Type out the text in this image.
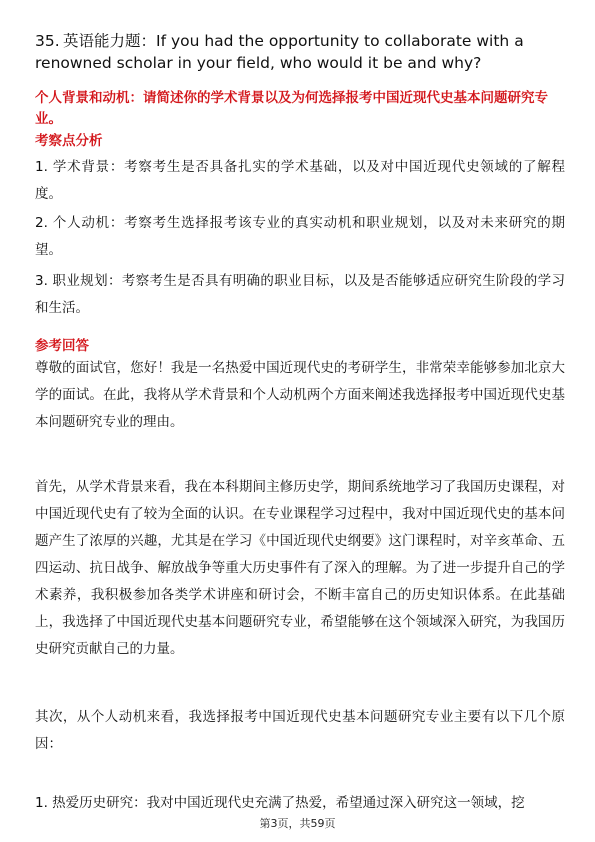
35. 英语能力题：If you had the opportunity to collaborate with a renowned scholar in your field, who would it be and why?
个人背景和动机：请简述你的学术背景以及为何选择报考中国近现代史基本问题研究专业。
考察点分析
1. 学术背景：考察考生是否具备扎实的学术基础，以及对中国近现代史领域的了解程度。
2. 个人动机：考察考生选择报考该专业的真实动机和职业规划，以及对未来研究的期望。
3. 职业规划：考察考生是否具有明确的职业目标，以及是否能够适应研究生阶段的学习和生活。
参考回答
尊敬的面试官，您好！我是一名热爱中国近现代史的考研学生，非常荣幸能够参加北京大学的面试。在此，我将从学术背景和个人动机两个方面来阐述我选择报考中国近现代史基本问题研究专业的理由。
首先，从学术背景来看，我在本科期间主修历史学，期间系统地学习了我国历史课程，对中国近现代史有了较为全面的认识。在专业课程学习过程中，我对中国近现代史的基本问题产生了浓厚的兴趣，尤其是在学习《中国近现代史纲要》这门课程时，对辛亥革命、五四运动、抗日战争、解放战争等重大历史事件有了深入的理解。为了进一步提升自己的学术素养，我积极参加各类学术讲座和研讨会，不断丰富自己的历史知识体系。在此基础上，我选择了中国近现代史基本问题研究专业，希望能够在这个领域深入研究，为我国历史研究贡献自己的力量。
其次，从个人动机来看，我选择报考中国近现代史基本问题研究专业主要有以下几个原因：
1. 热爱历史研究：我对中国近现代史充满了热爱，希望通过深入研究这一领域，挖
第3页，共59页
